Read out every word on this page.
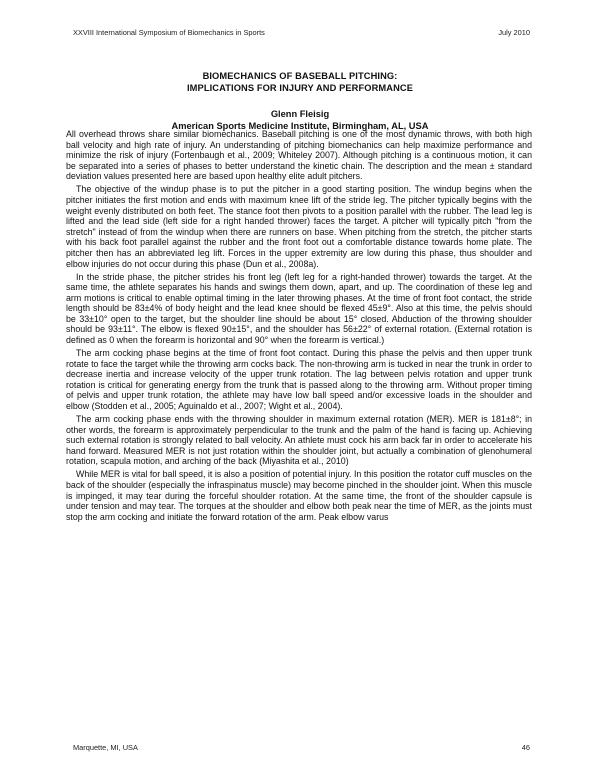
XXVIII International Symposium of Biomechanics in Sports	July 2010
BIOMECHANICS OF BASEBALL PITCHING:
IMPLICATIONS FOR INJURY AND PERFORMANCE
Glenn Fleisig
American Sports Medicine Institute, Birmingham, AL, USA

All overhead throws share similar biomechanics. Baseball pitching is one of the most dynamic throws, with both high ball velocity and high rate of injury. An understanding of pitching biomechanics can help maximize performance and minimize the risk of injury (Fortenbaugh et al., 2009; Whiteley 2007). Although pitching is a continuous motion, it can be separated into a series of phases to better understand the kinetic chain. The description and the mean ± standard deviation values presented here are based upon healthy elite adult pitchers.

The objective of the windup phase is to put the pitcher in a good starting position. The windup begins when the pitcher initiates the first motion and ends with maximum knee lift of the stride leg. The pitcher typically begins with the weight evenly distributed on both feet. The stance foot then pivots to a position parallel with the rubber. The lead leg is lifted and the lead side (left side for a right handed thrower) faces the target. A pitcher will typically pitch "from the stretch" instead of from the windup when there are runners on base. When pitching from the stretch, the pitcher starts with his back foot parallel against the rubber and the front foot out a comfortable distance towards home plate. The pitcher then has an abbreviated leg lift. Forces in the upper extremity are low during this phase, thus shoulder and elbow injuries do not occur during this phase (Dun et al., 2008a).

In the stride phase, the pitcher strides his front leg (left leg for a right-handed thrower) towards the target. At the same time, the athlete separates his hands and swings them down, apart, and up. The coordination of these leg and arm motions is critical to enable optimal timing in the later throwing phases. At the time of front foot contact, the stride length should be 83±4% of body height and the lead knee should be flexed 45±9°. Also at this time, the pelvis should be 33±10° open to the target, but the shoulder line should be about 15° closed. Abduction of the throwing shoulder should be 93±11°. The elbow is flexed 90±15°, and the shoulder has 56±22° of external rotation. (External rotation is defined as 0 when the forearm is horizontal and 90° when the forearm is vertical.)

The arm cocking phase begins at the time of front foot contact. During this phase the pelvis and then upper trunk rotate to face the target while the throwing arm cocks back. The non-throwing arm is tucked in near the trunk in order to decrease inertia and increase velocity of the upper trunk rotation. The lag between pelvis rotation and upper trunk rotation is critical for generating energy from the trunk that is passed along to the throwing arm. Without proper timing of pelvis and upper trunk rotation, the athlete may have low ball speed and/or excessive loads in the shoulder and elbow (Stodden et al., 2005; Aguinaldo et al., 2007; Wight et al., 2004).

The arm cocking phase ends with the throwing shoulder in maximum external rotation (MER). MER is 181±8°; in other words, the forearm is approximately perpendicular to the trunk and the palm of the hand is facing up. Achieving such external rotation is strongly related to ball velocity. An athlete must cock his arm back far in order to accelerate his hand forward. Measured MER is not just rotation within the shoulder joint, but actually a combination of glenohumeral rotation, scapula motion, and arching of the back (Miyashita et al., 2010)

While MER is vital for ball speed, it is also a position of potential injury. In this position the rotator cuff muscles on the back of the shoulder (especially the infraspinatus muscle) may become pinched in the shoulder joint. When this muscle is impinged, it may tear during the forceful shoulder rotation. At the same time, the front of the shoulder capsule is under tension and may tear. The torques at the shoulder and elbow both peak near the time of MER, as the joints must stop the arm cocking and initiate the forward rotation of the arm. Peak elbow varus

Marquette, MI, USA	46
